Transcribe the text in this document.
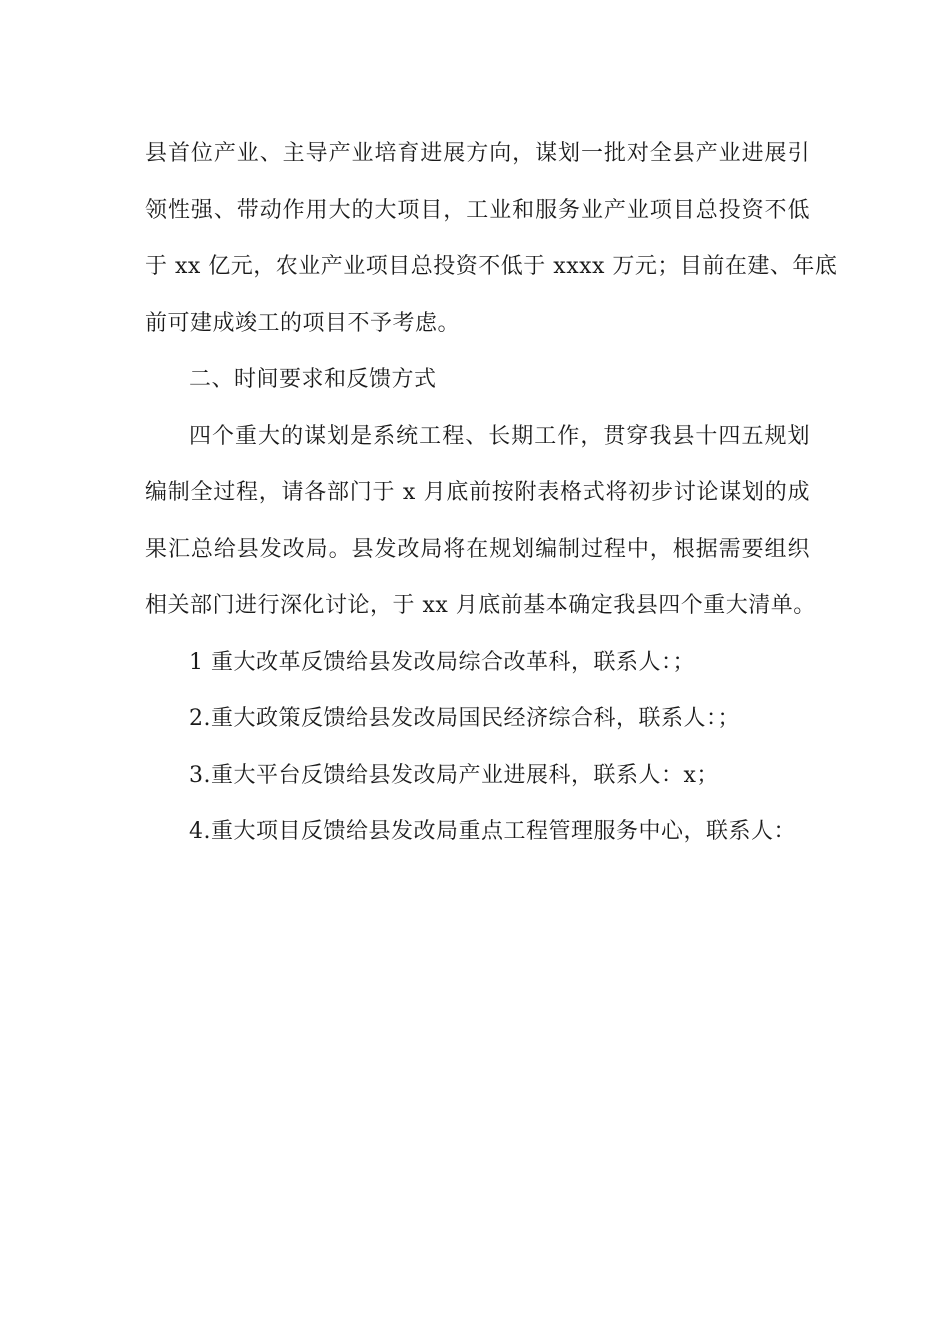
县首位产业、主导产业培育进展方向，谋划一批对全县产业进展引
领性强、带动作用大的大项目，工业和服务业产业项目总投资不低
于 xx 亿元，农业产业项目总投资不低于 xxxx 万元；目前在建、年底
前可建成竣工的项目不予考虑。
二、时间要求和反馈方式
四个重大的谋划是系统工程、长期工作，贯穿我县十四五规划
编制全过程，请各部门于 x 月底前按附表格式将初步讨论谋划的成
果汇总给县发改局。县发改局将在规划编制过程中，根据需要组织
相关部门进行深化讨论，于 xx 月底前基本确定我县四个重大清单。
1 重大改革反馈给县发改局综合改革科，联系人：；
2.重大政策反馈给县发改局国民经济综合科，联系人：；
3.重大平台反馈给县发改局产业进展科，联系人：x；
4.重大项目反馈给县发改局重点工程管理服务中心，联系人：
